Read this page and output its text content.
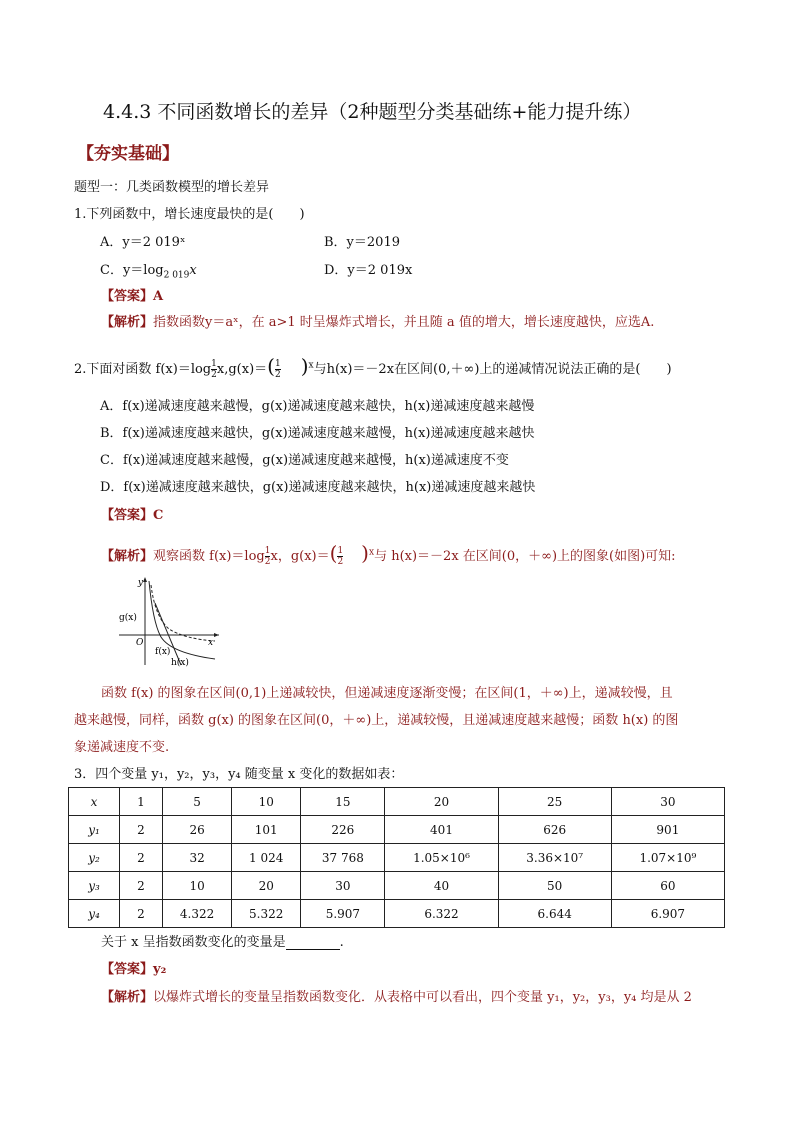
4.4.3 不同函数增长的差异（2种题型分类基础练+能力提升练）
【夯实基础】
题型一：几类函数模型的增长差异
1.下列函数中，增长速度最快的是(　　)
A．y＝2 019ˣ	B．y＝2019
C．$y=\log_{2 019}x$	D．y＝2 019x
【答案】A
【解析】指数函数y＝aˣ，在 a>1 时呈爆炸式增长，并且随 a 值的增大，增长速度越快，应选A.
2.下面对函数 $f(x)=\log \frac{1}{2} x,g(x)=( \frac{1}{2} )^x$与h(x)＝－2x在区间(0,＋∞)上的递减情况说法正确的是(　　)
A．f(x)递减速度越来越慢，g(x)递减速度越来越快，h(x)递减速度越来越慢
B．f(x)递减速度越来越快，g(x)递减速度越来越慢，h(x)递减速度越来越快
C．f(x)递减速度越来越慢，g(x)递减速度越来越慢，h(x)递减速度不变
D．f(x)递减速度越来越快，g(x)递减速度越来越快，h(x)递减速度越来越快
【答案】C
【解析】观察函数 $f(x)=\log \frac{1}{2}$ x，$g(x)=( \frac{1}{2} )^x$与 h(x)＝－2x 在区间(0，＋∞)上的图象(如图)可知:
y
x
O
g(x)
f(x)
h(x)
函数 f(x) 的图象在区间(0,1)上递减较快，但递减速度逐渐变慢；在区间(1，＋∞)上，递减较慢，且
越来越慢，同样，函数 g(x) 的图象在区间(0，＋∞)上，递减较慢，且递减速度越来越慢；函数 h(x) 的图
象递减速度不变.
3．四个变量 y₁，y₂，y₃，y₄ 随变量 x 变化的数据如表：
x	1	5	10	15	20	25	30
y₁	2	26	101	226	401	626	901
y₂	2	32	1 024	37 768	1.05×10⁶	3.36×10⁷	1.07×10⁹
y₃	2	10	20	30	40	50	60
y₄	2	4.322	5.322	5.907	6.322	6.644	6.907
关于 x 呈指数函数变化的变量是	.
【答案】y₂
【解析】以爆炸式增长的变量呈指数函数变化．从表格中可以看出，四个变量 y₁，y₂，y₃，y₄ 均是从 2
